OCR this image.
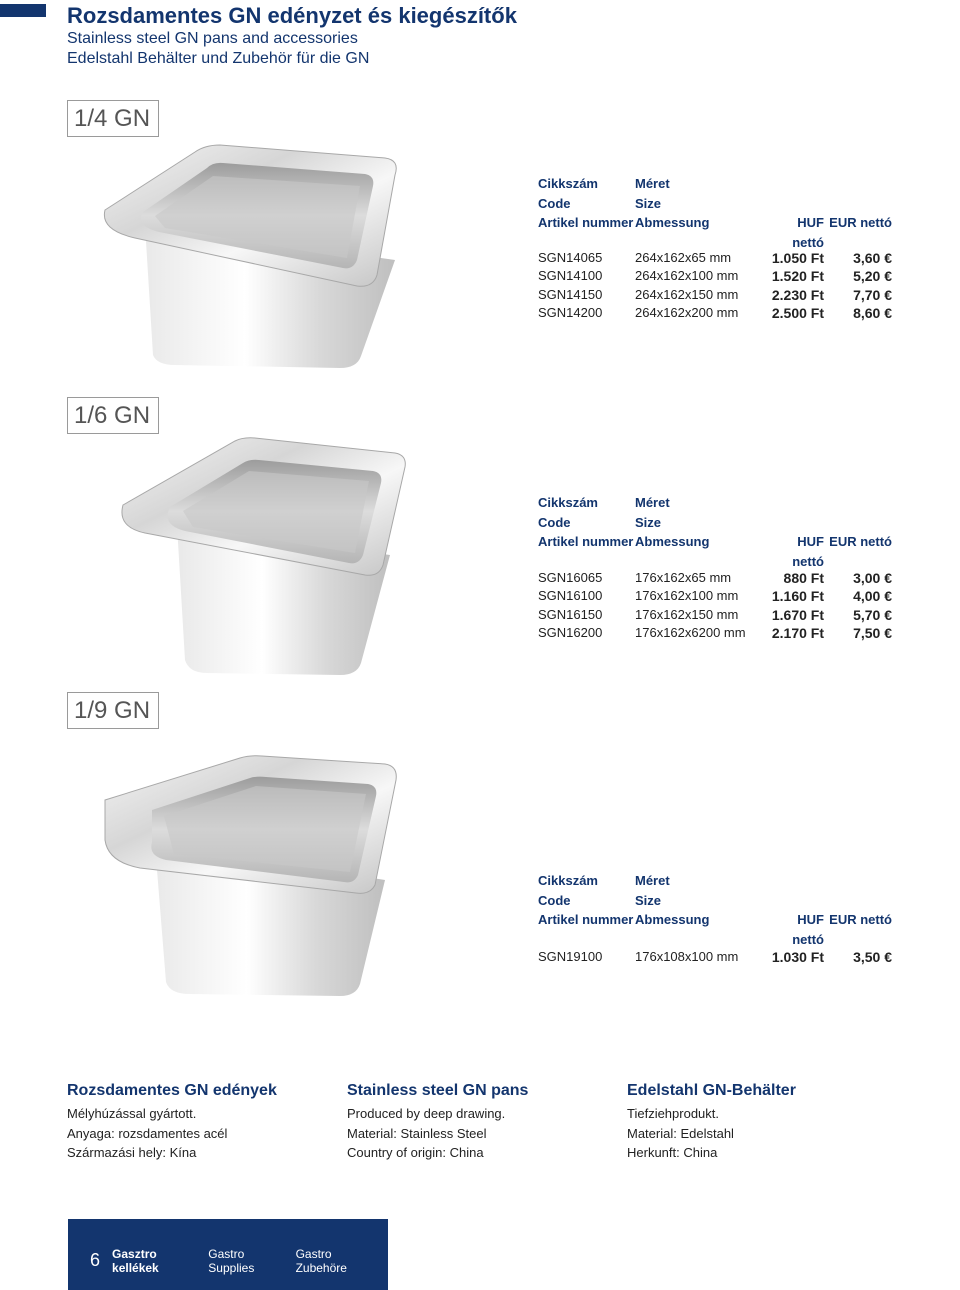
Rozsdamentes GN edényzet és kiegészítők
Stainless steel GN pans and accessories
Edelstahl Behälter und Zubehör für die GN
1/4 GN
Cikkszám	Méret
Code	Size
Artikel nummer Abmessung	HUF nettó
EUR nettó
SGN14065	264x162x65 mm	1.050 Ft	3,60 €
SGN14100	264x162x100 mm	1.520 Ft	5,20 €
SGN14150	264x162x150 mm	2.230 Ft	7,70 €
SGN14200	264x162x200 mm	2.500 Ft	8,60 €
1/6 GN
Cikkszám	Méret
Code	Size
Artikel nummer Abmessung	HUF nettó
EUR nettó
SGN16065	176x162x65 mm	880 Ft	3,00 €
SGN16100	176x162x100 mm	1.160 Ft	4,00 €
SGN16150	176x162x150 mm	1.670 Ft	5,70 €
SGN16200	176x162x6200 mm	2.170 Ft	7,50 €
1/9 GN
Cikkszám	Méret
Code	Size
Artikel nummer Abmessung	HUF nettó
EUR nettó
SGN19100	176x108x100 mm	1.030 Ft	3,50 €
Rozsdamentes GN edények
Mélyhúzással gyártott.
Anyaga: rozsdamentes acél
Származási hely: Kína
Stainless steel GN pans
Produced by deep drawing.
Material: Stainless Steel
Country of origin: China
Edelstahl GN-Behälter
Tiefziehprodukt.
Material: Edelstahl
Herkunft: China
6 Gasztro kellékek
Gastro Supplies
Gastro Zubehöre
